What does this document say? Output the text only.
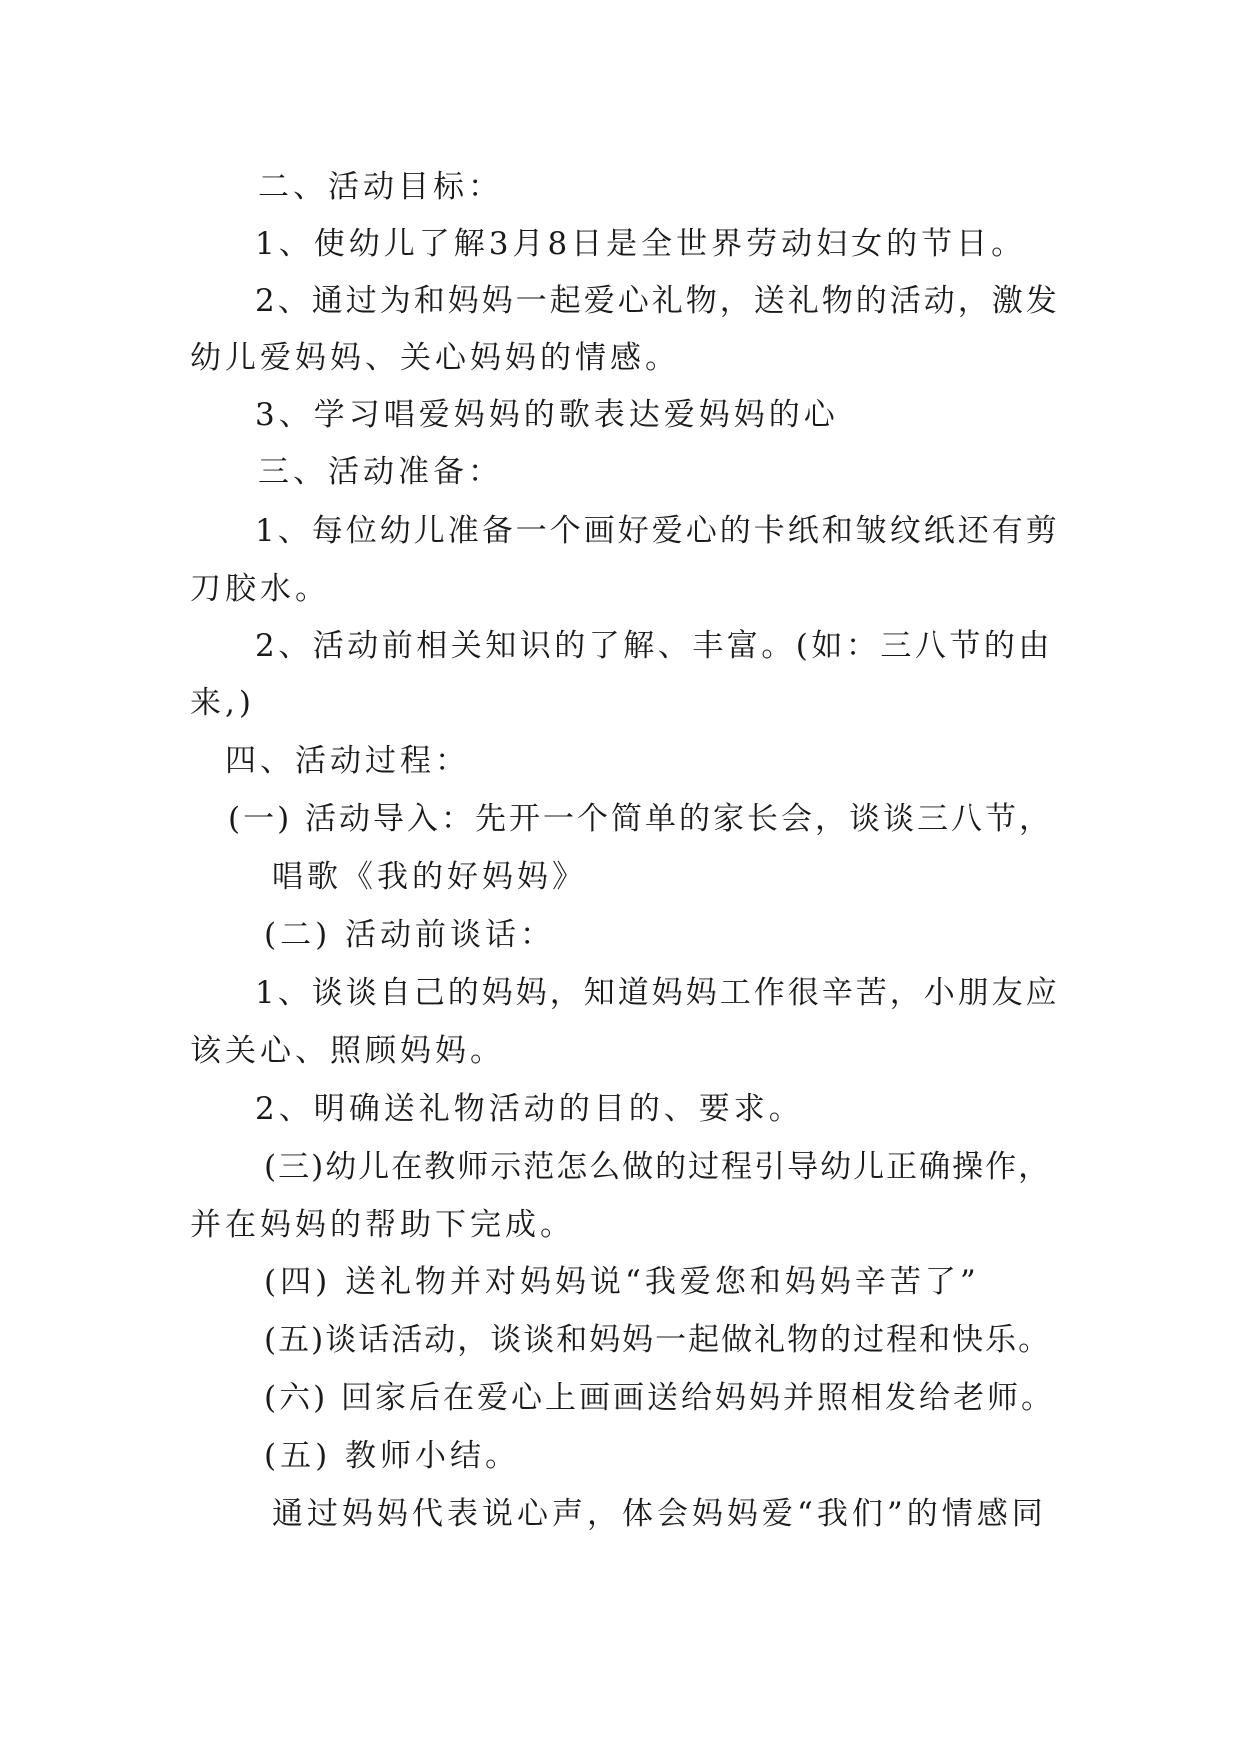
二、活动目标：
1、使幼儿了解3月8日是全世界劳动妇女的节日。
2、通过为和妈妈一起爱心礼物，送礼物的活动，激发
幼儿爱妈妈、关心妈妈的情感。
3、学习唱爱妈妈的歌表达爱妈妈的心
三、活动准备：
1、每位幼儿准备一个画好爱心的卡纸和皱纹纸还有剪
刀胶水。
2、活动前相关知识的了解、丰富。(如：三八节的由
来,)
四、活动过程：
(一) 活动导入：先开一个简单的家长会，谈谈三八节，
唱歌《我的好妈妈》
(二) 活动前谈话：
1、谈谈自己的妈妈，知道妈妈工作很辛苦，小朋友应
该关心、照顾妈妈。
2、明确送礼物活动的目的、要求。
(三)幼儿在教师示范怎么做的过程引导幼儿正确操作，
并在妈妈的帮助下完成。
(四) 送礼物并对妈妈说“我爱您和妈妈辛苦了”
(五)谈话活动，谈谈和妈妈一起做礼物的过程和快乐。
(六) 回家后在爱心上画画送给妈妈并照相发给老师。
(五) 教师小结。
通过妈妈代表说心声，体会妈妈爱“我们”的情感同
